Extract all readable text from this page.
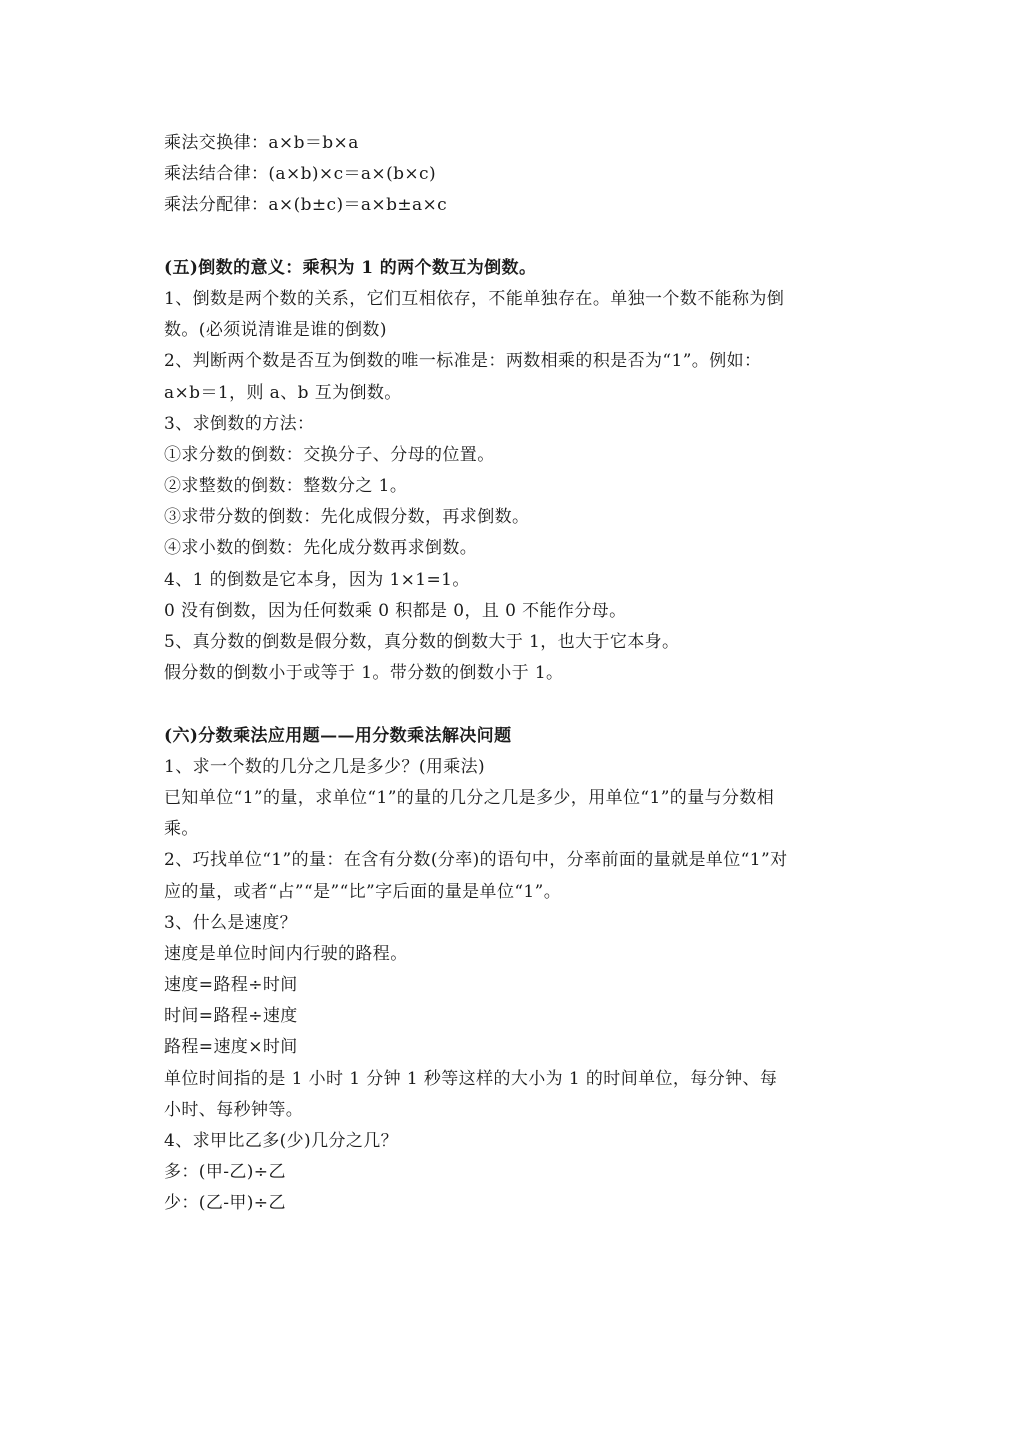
乘法交换律：a×b＝b×a
乘法结合律：(a×b)×c＝a×(b×c)
乘法分配律：a×(b±c)＝a×b±a×c
(五)倒数的意义：乘积为 1 的两个数互为倒数。
1、倒数是两个数的关系，它们互相依存，不能单独存在。单独一个数不能称为倒
数。(必须说清谁是谁的倒数)
2、判断两个数是否互为倒数的唯一标准是：两数相乘的积是否为“1”。例如：
a×b＝1，则 a、b 互为倒数。
3、求倒数的方法：
①求分数的倒数：交换分子、分母的位置。
②求整数的倒数：整数分之 1。
③求带分数的倒数：先化成假分数，再求倒数。
④求小数的倒数：先化成分数再求倒数。
4、1 的倒数是它本身，因为 1×1=1。
0 没有倒数，因为任何数乘 0 积都是 0，且 0 不能作分母。
5、真分数的倒数是假分数，真分数的倒数大于 1，也大于它本身。
假分数的倒数小于或等于 1。带分数的倒数小于 1。
(六)分数乘法应用题——用分数乘法解决问题
1、求一个数的几分之几是多少？(用乘法)
已知单位“1”的量，求单位“1”的量的几分之几是多少，用单位“1”的量与分数相
乘。
2、巧找单位“1”的量：在含有分数(分率)的语句中，分率前面的量就是单位“1”对
应的量，或者“占”“是”“比”字后面的量是单位“1”。
3、什么是速度？
速度是单位时间内行驶的路程。
速度=路程÷时间
时间=路程÷速度
路程=速度×时间
单位时间指的是 1 小时 1 分钟 1 秒等这样的大小为 1 的时间单位，每分钟、每
小时、每秒钟等。
4、求甲比乙多(少)几分之几？
多：(甲-乙)÷乙
少：(乙-甲)÷乙
